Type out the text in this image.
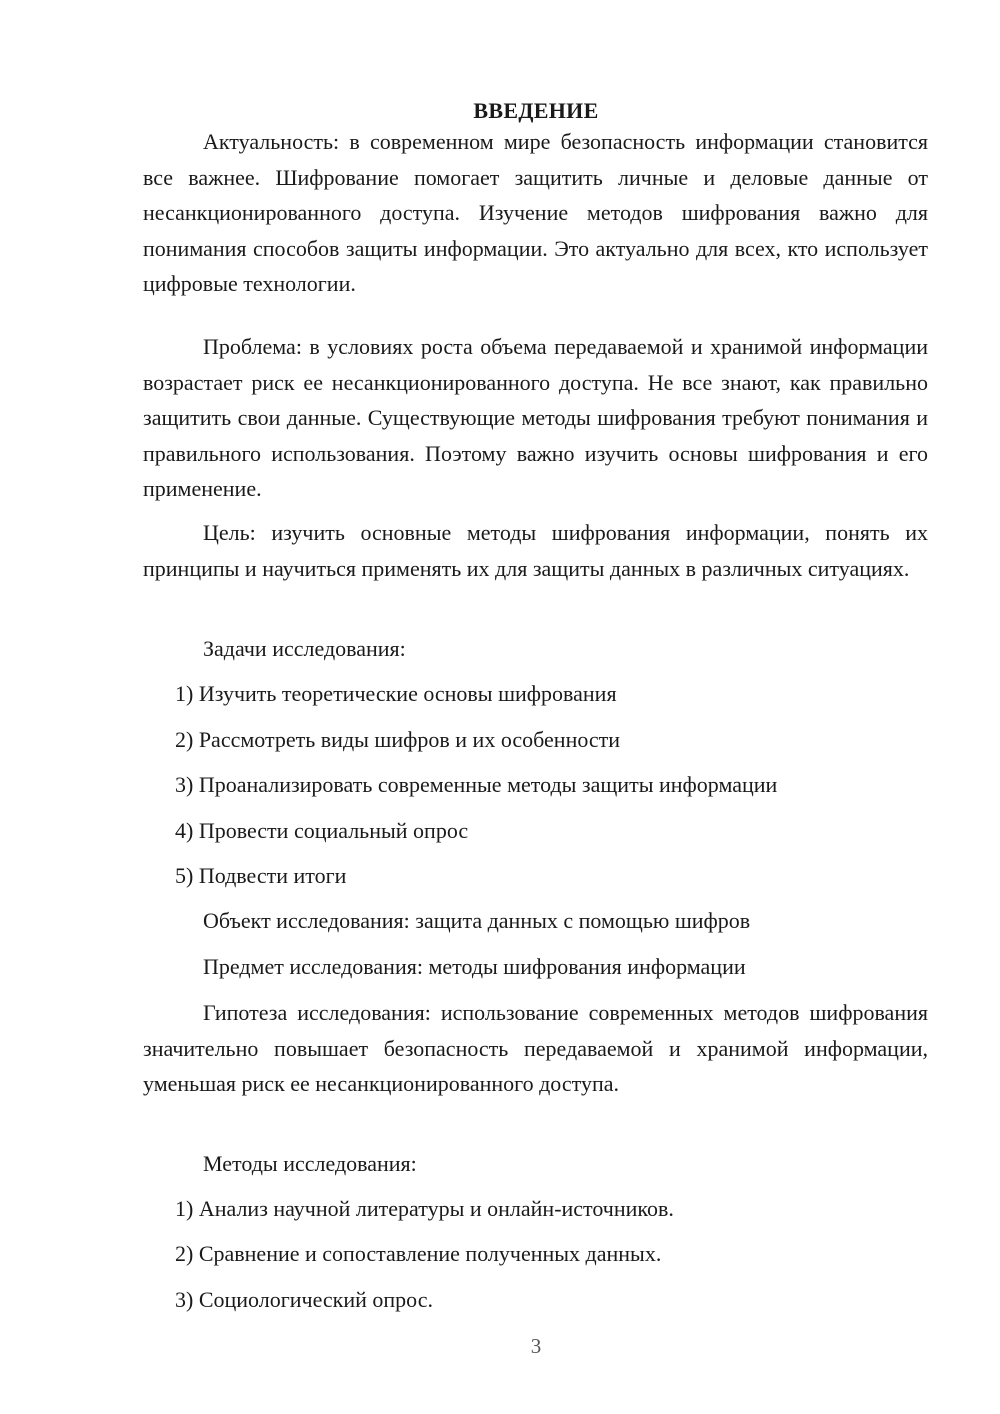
ВВЕДЕНИЕ

Актуальность: в современном мире безопасность информации становится все важнее. Шифрование помогает защитить личные и деловые данные от несанкционированного доступа. Изучение методов шифрования важно для понимания способов защиты информации. Это актуально для всех, кто использует цифровые технологии.

Проблема: в условиях роста объема передаваемой и хранимой информации возрастает риск ее несанкционированного доступа. Не все знают, как правильно защитить свои данные. Существующие методы шифрования требуют понимания и правильного использования. Поэтому важно изучить основы шифрования и его применение.

Цель: изучить основные методы шифрования информации, понять их принципы и научиться применять их для защиты данных в различных ситуациях.

Задачи исследования:
1) Изучить теоретические основы шифрования
2) Рассмотреть виды шифров и их особенности
3) Проанализировать современные методы защиты информации
4) Провести социальный опрос
5) Подвести итоги
Объект исследования: защита данных с помощью шифров
Предмет исследования: методы шифрования информации

Гипотеза исследования: использование современных методов шифрования значительно повышает безопасность передаваемой и хранимой информации, уменьшая риск ее несанкционированного доступа.

Методы исследования:
1) Анализ научной литературы и онлайн-источников.
2) Сравнение и сопоставление полученных данных.
3) Социологический опрос.
3
